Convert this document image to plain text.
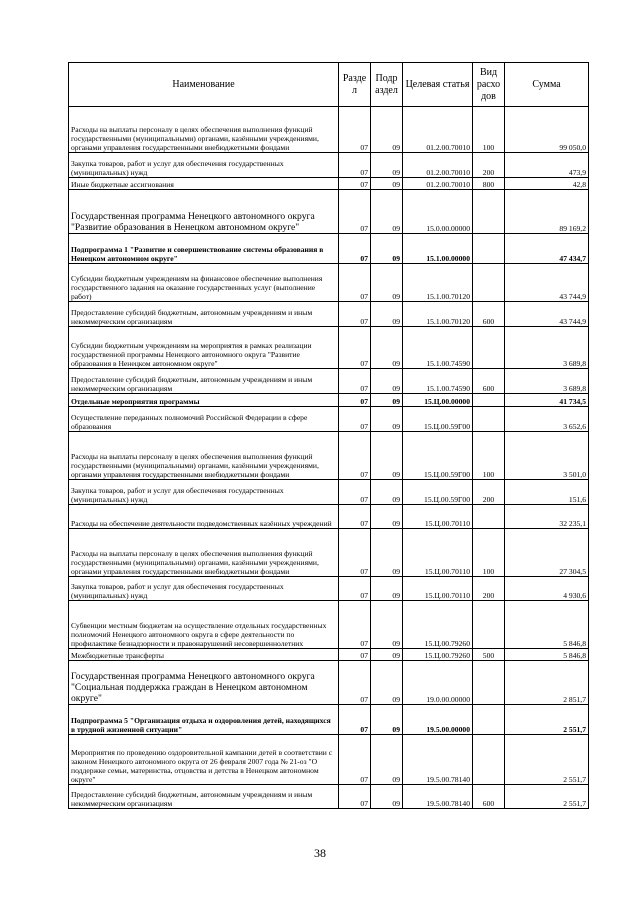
Наименование	Разде л	Подр аздел	Целевая статья	Вид расхо дов	Сумма
Расходы на выплаты персоналу в целях обеспечения выполнения функций государственными (муниципальными) органами, казёнными учреждениями, органами управления государственными внебюджетными фондами	07	09	01.2.00.70010	100	99 050,0
Закупка товаров, работ и услуг для обеспечения государственных (муниципальных) нужд	07	09	01.2.00.70010	200	473,9
Иные бюджетные ассигнования	07	09	01.2.00.70010	800	42,8
Государственная программа Ненецкого автономного округа "Развитие образования в Ненецком автономном округе"	07	09	15.0.00.00000		89 169,2
Подпрограмма 1 "Развитие и совершенствование системы образования в Ненецком автономном округе"	07	09	15.1.00.00000		47 434,7
Субсидии бюджетным учреждениям на финансовое обеспечение выполнения государственного задания на оказание государственных услуг (выполнение работ)	07	09	15.1.00.70120		43 744,9
Предоставление субсидий бюджетным, автономным учреждениям и иным некоммерческим организациям	07	09	15.1.00.70120	600	43 744,9
Субсидии бюджетным учреждениям на мероприятия в рамках реализации государственной программы Ненецкого автономного округа "Развитие образования в Ненецком автономном округе"	07	09	15.1.00.74590		3 689,8
Предоставление субсидий бюджетным, автономным учреждениям и иным некоммерческим организациям	07	09	15.1.00.74590	600	3 689,8
Отдельные мероприятия программы	07	09	15.Ц.00.00000		41 734,5
Осуществление переданных полномочий Российской Федерации в сфере образования	07	09	15.Ц.00.59Г00		3 652,6
Расходы на выплаты персоналу в целях обеспечения выполнения функций государственными (муниципальными) органами, казёнными учреждениями, органами управления государственными внебюджетными фондами	07	09	15.Ц.00.59Г00	100	3 501,0
Закупка товаров, работ и услуг для обеспечения государственных (муниципальных) нужд	07	09	15.Ц.00.59Г00	200	151,6
Расходы на обеспечение деятельности подведомственных казённых учреждений	07	09	15.Ц.00.70110		32 235,1
Расходы на выплаты персоналу в целях обеспечения выполнения функций государственными (муниципальными) органами, казёнными учреждениями, органами управления государственными внебюджетными фондами	07	09	15.Ц.00.70110	100	27 304,5
Закупка товаров, работ и услуг для обеспечения государственных (муниципальных) нужд	07	09	15.Ц.00.70110	200	4 930,6
Субвенции местным бюджетам на осуществление отдельных государственных полномочий Ненецкого автономного округа в сфере деятельности по профилактике безнадзорности и правонарушений несовершеннолетних	07	09	15.Ц.00.79260		5 846,8
Межбюджетные трансферты	07	09	15.Ц.00.79260	500	5 846,8
Государственная программа Ненецкого автономного округа "Социальная поддержка граждан в Ненецком автономном округе"	07	09	19.0.00.00000		2 851,7
Подпрограмма 5 "Организация отдыха и оздоровления детей, находящихся в трудной жизненной ситуации"	07	09	19.5.00.00000		2 551,7
Мероприятия по проведению оздоровительной кампании детей в соответствии с законом Ненецкого автономного округа от 26 февраля 2007 года № 21-оз "О поддержке семьи, материнства, отцовства и детства в Ненецком автономном округе"	07	09	19.5.00.78140		2 551,7
Предоставление субсидий бюджетным, автономным учреждениям и иным некоммерческим организациям	07	09	19.5.00.78140	600	2 551,7
38
